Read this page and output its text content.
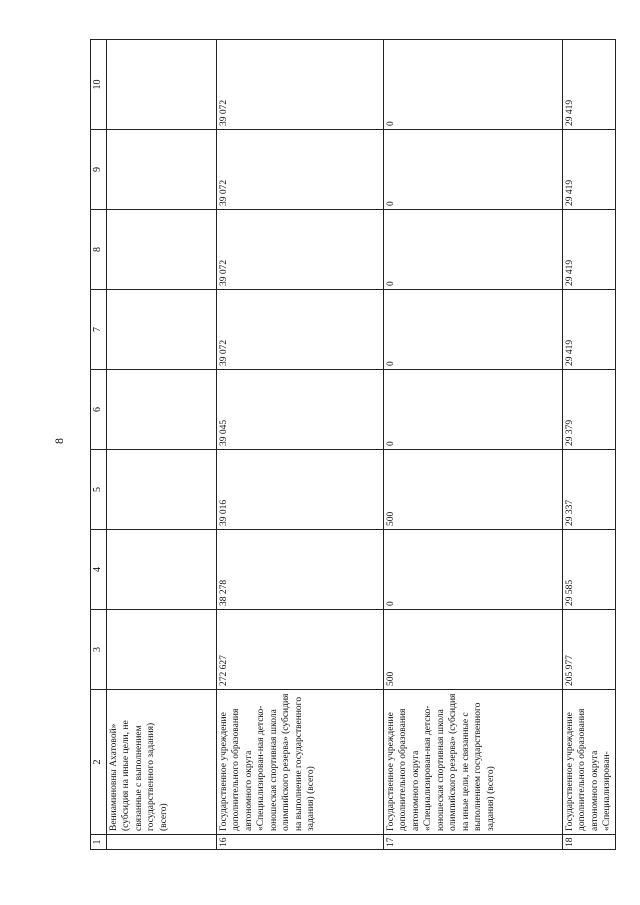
8
1	2	3	4	5	6	7	8	9	10
	Вениаминовны Ахатовой» (субсидия на иные цели, не связанные с выполнением государственного задания) (всего)								
16	Государственное учреждение дополнительного образования автономного округа «Специализирован-ная детско-юношеская спортивная школа олимпийского резерва» (субсидия на выполнение государственного задания) (всего)	272 627	38 278	39 016	39 045	39 072	39 072	39 072	39 072
17	Государственное учреждение дополнительного образования автономного округа «Специализирован-ная детско-юношеская спортивная школа олимпийского резерва» (субсидия на иные цели, не связанные с выполнением государственного задания) (всего)	500	0	500	0	0	0	0	0
18	Государственное учреждение дополнительного образования автономного округа «Специализирован-	205 977	29 585	29 337	29 379	29 419	29 419	29 419	29 419
